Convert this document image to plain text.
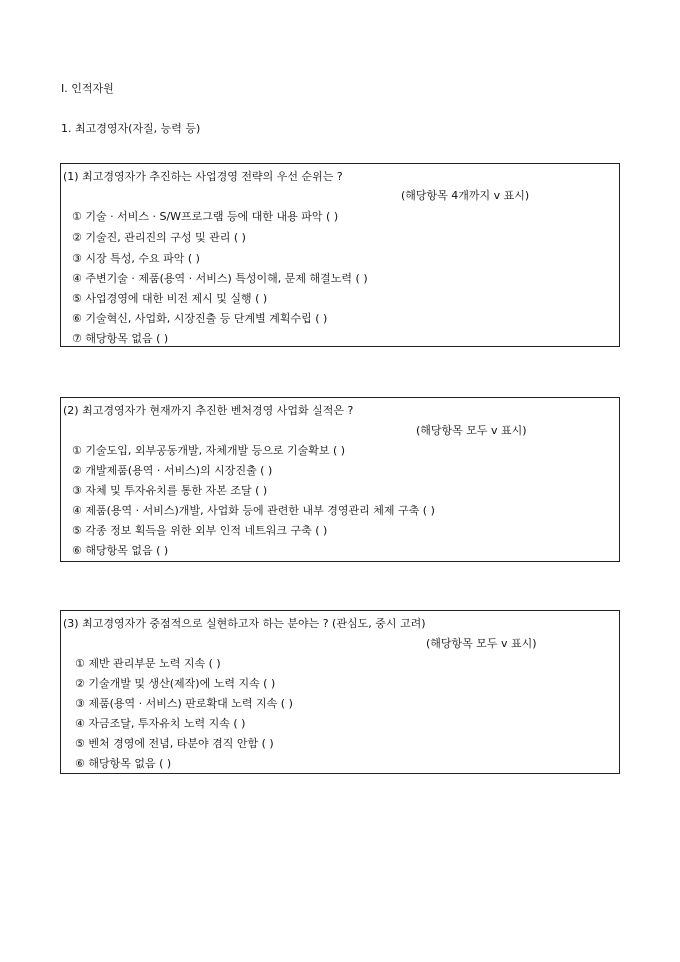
Ⅰ. 인적자원
1. 최고경영자(자질, 능력 등)
(1) 최고경영자가 추진하는 사업경영 전략의 우선 순위는 ?
(해당항목 4개까지 v 표시)
① 기술 · 서비스 · S/W프로그램 등에 대한 내용 파악 ( )
② 기술진, 관리진의 구성 및 관리 ( )
③ 시장 특성, 수요 파악 ( )
④ 주변기술 · 제품(용역 · 서비스) 특성이해, 문제 해결노력 ( )
⑤ 사업경영에 대한 비전 제시 및 실행 ( )
⑥ 기술혁신, 사업화, 시장진출 등 단계별 계획수립 ( )
⑦ 해당항목 없음 ( )
(2) 최고경영자가 현재까지 추진한 벤처경영 사업화 실적은 ?
(해당항목 모두 v 표시)
① 기술도입, 외부공동개발, 자체개발 등으로 기술확보 ( )
② 개발제품(용역 · 서비스)의 시장진출 ( )
③ 자체 및 투자유치를 통한 자본 조달 ( )
④ 제품(용역 · 서비스)개발, 사업화 등에 관련한 내부 경영관리 체제 구축 ( )
⑤ 각종 정보 획득을 위한 외부 인적 네트워크 구축 ( )
⑥ 해당항목 없음 ( )
(3) 최고경영자가 중점적으로 실현하고자 하는 분야는 ? (관심도, 중시 고려)
(해당항목 모두 v 표시)
① 제반 관리부문 노력 지속 ( )
② 기술개발 및 생산(제작)에 노력 지속 ( )
③ 제품(용역 · 서비스) 판로확대 노력 지속 ( )
④ 자금조달, 투자유치 노력 지속 ( )
⑤ 벤처 경영에 전념, 타분야 겸직 안함 ( )
⑥ 해당항목 없음 ( )
